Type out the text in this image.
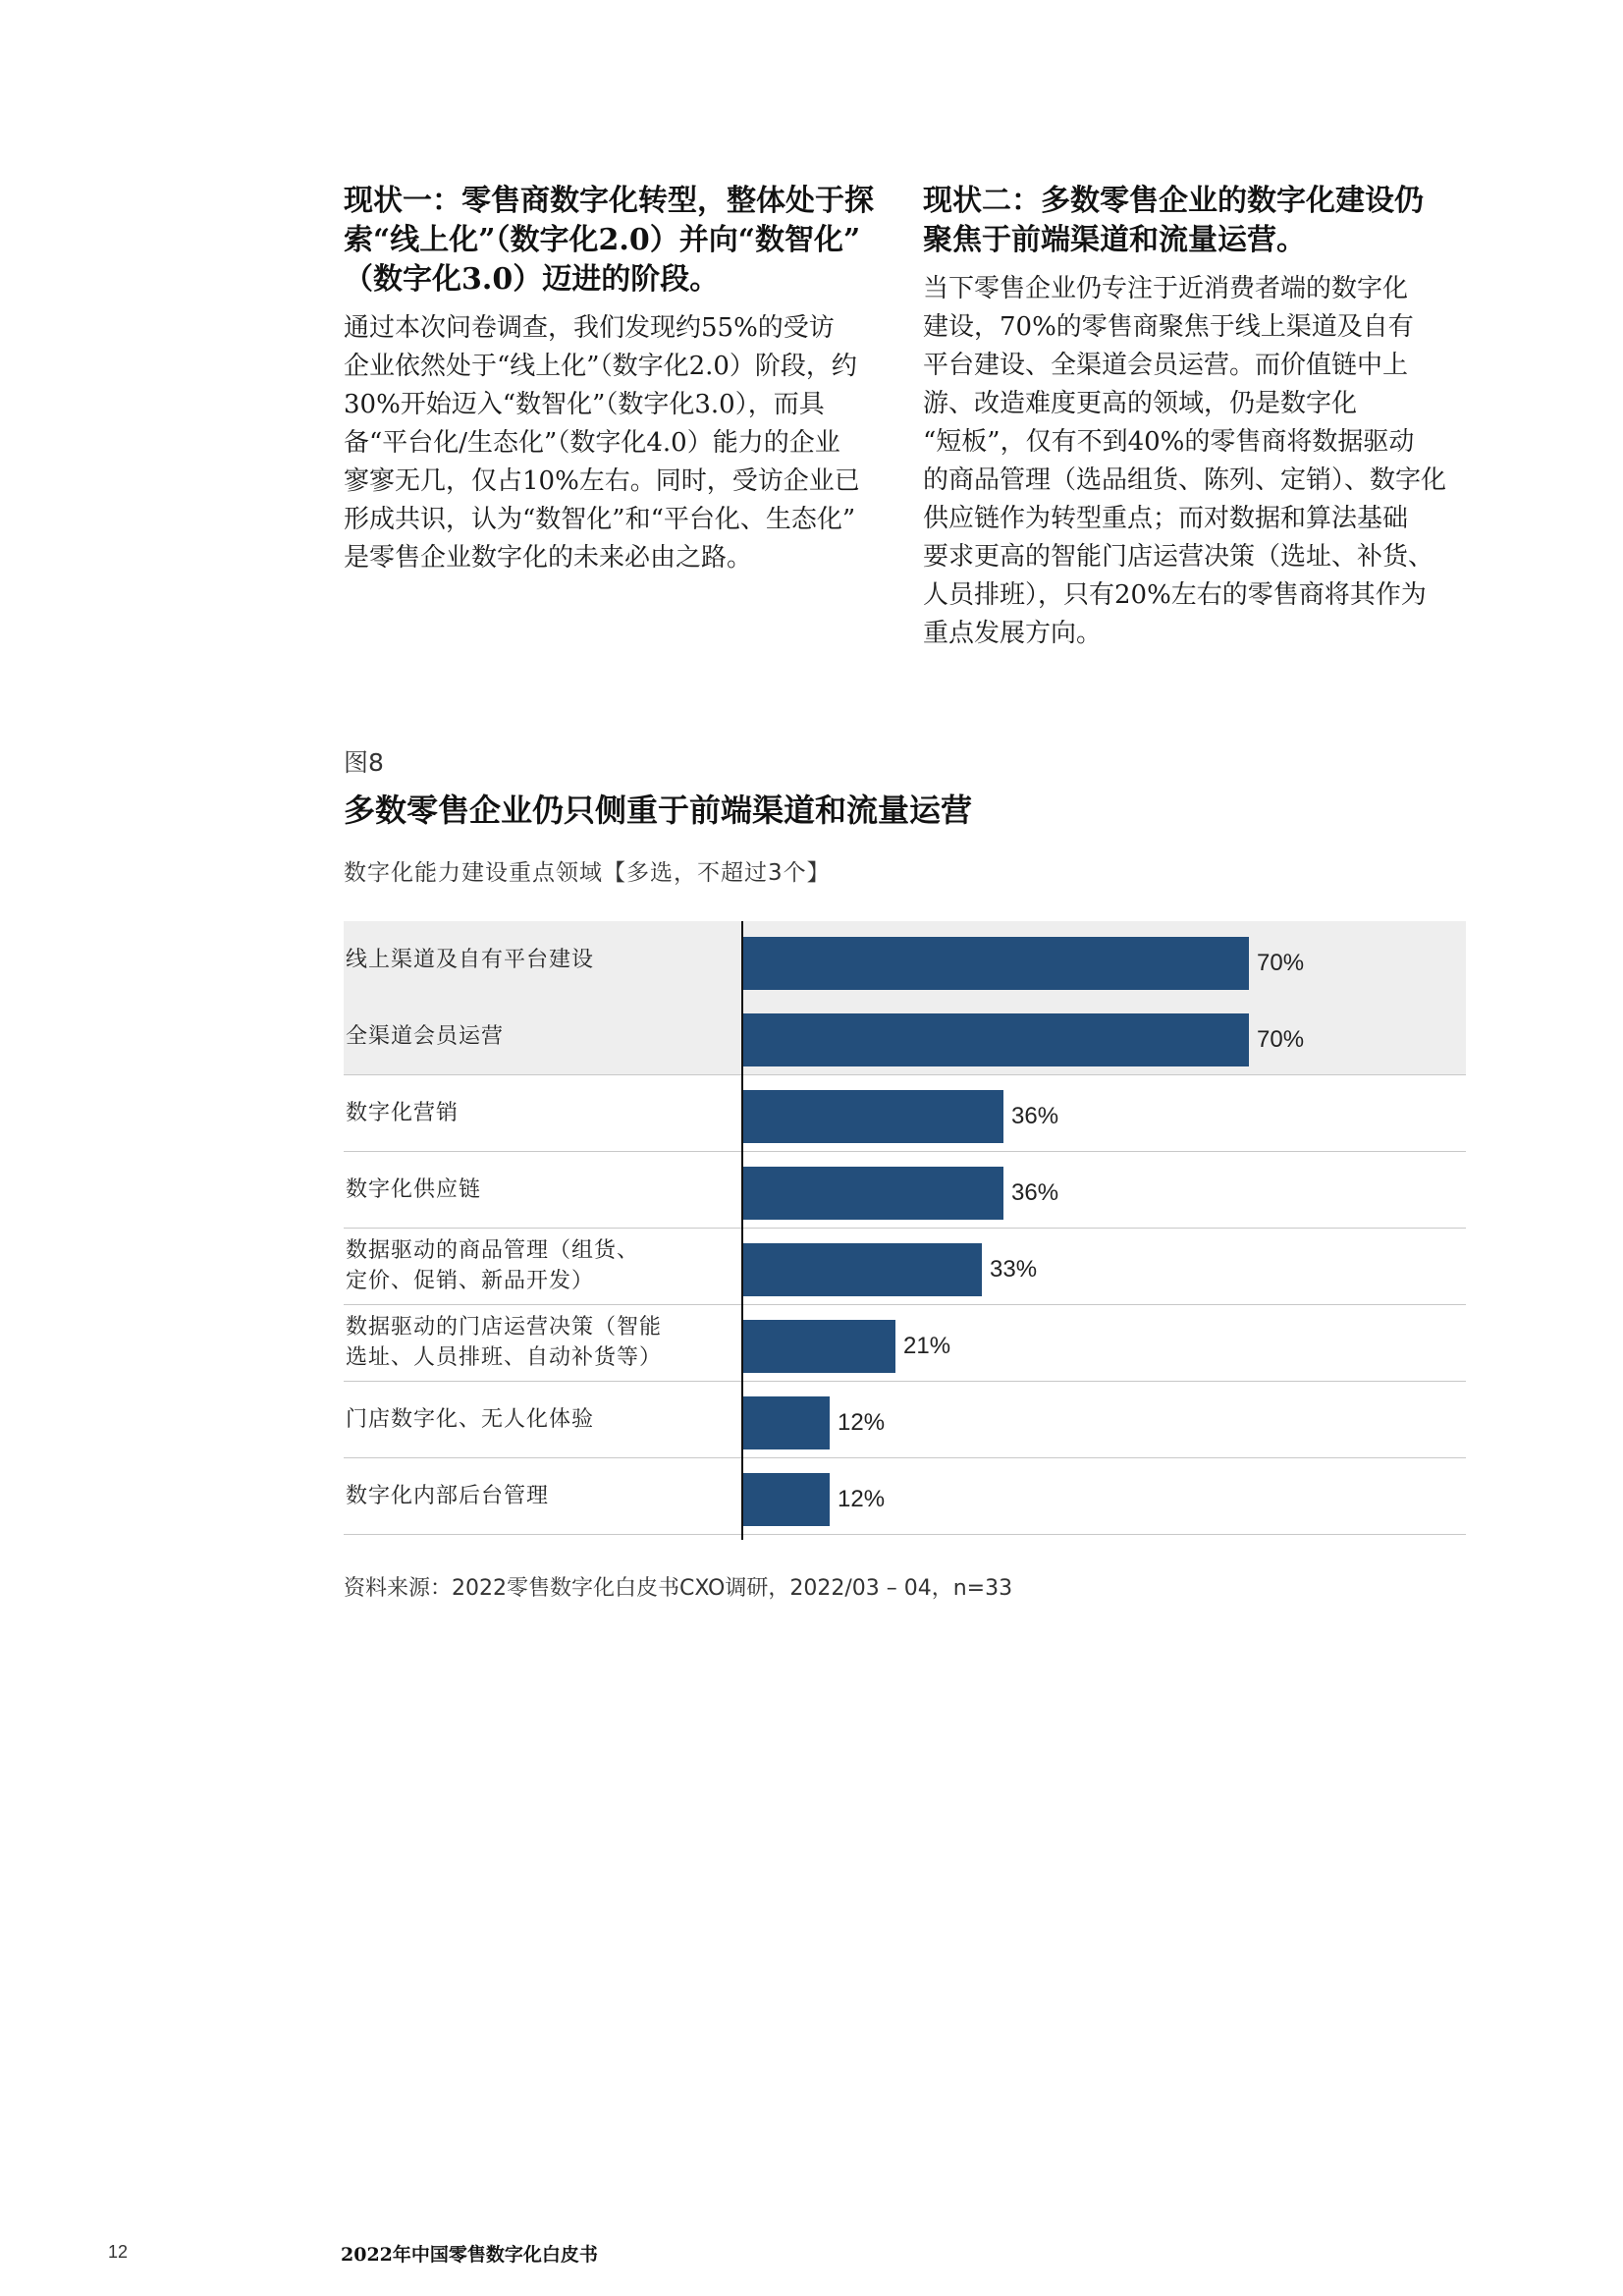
现状一：零售商数字化转型，整体处于探
索“线上化”（数字化2.0）并向“数智化”
（数字化3.0）迈进的阶段。
通过本次问卷调查，我们发现约55%的受访
企业依然处于“线上化”（数字化2.0）阶段，约
30%开始迈入“数智化”（数字化3.0），而具
备“平台化/生态化”（数字化4.0）能力的企业
寥寥无几，仅占10%左右。同时，受访企业已
形成共识，认为“数智化”和“平台化、生态化”
是零售企业数字化的未来必由之路。
现状二：多数零售企业的数字化建设仍
聚焦于前端渠道和流量运营。
当下零售企业仍专注于近消费者端的数字化
建设，70%的零售商聚焦于线上渠道及自有
平台建设、全渠道会员运营。而价值链中上
游、改造难度更高的领域，仍是数字化
“短板”，仅有不到40%的零售商将数据驱动
的商品管理（选品组货、陈列、定销）、数字化
供应链作为转型重点；而对数据和算法基础
要求更高的智能门店运营决策（选址、补货、
人员排班），只有20%左右的零售商将其作为
重点发展方向。
图8
多数零售企业仍只侧重于前端渠道和流量运营
数字化能力建设重点领域【多选，不超过3个】
线上渠道及自有平台建设	70%
全渠道会员运营	70%
数字化营销	36%
数字化供应链	36%
数据驱动的商品管理（组货、
定价、促销、新品开发）	33%
数据驱动的门店运营决策（智能
选址、人员排班、自动补货等）	21%
门店数字化、无人化体验	12%
数字化内部后台管理	12%
资料来源：2022零售数字化白皮书CXO调研，2022/03 – 04，n=33
12	2022年中国零售数字化白皮书
